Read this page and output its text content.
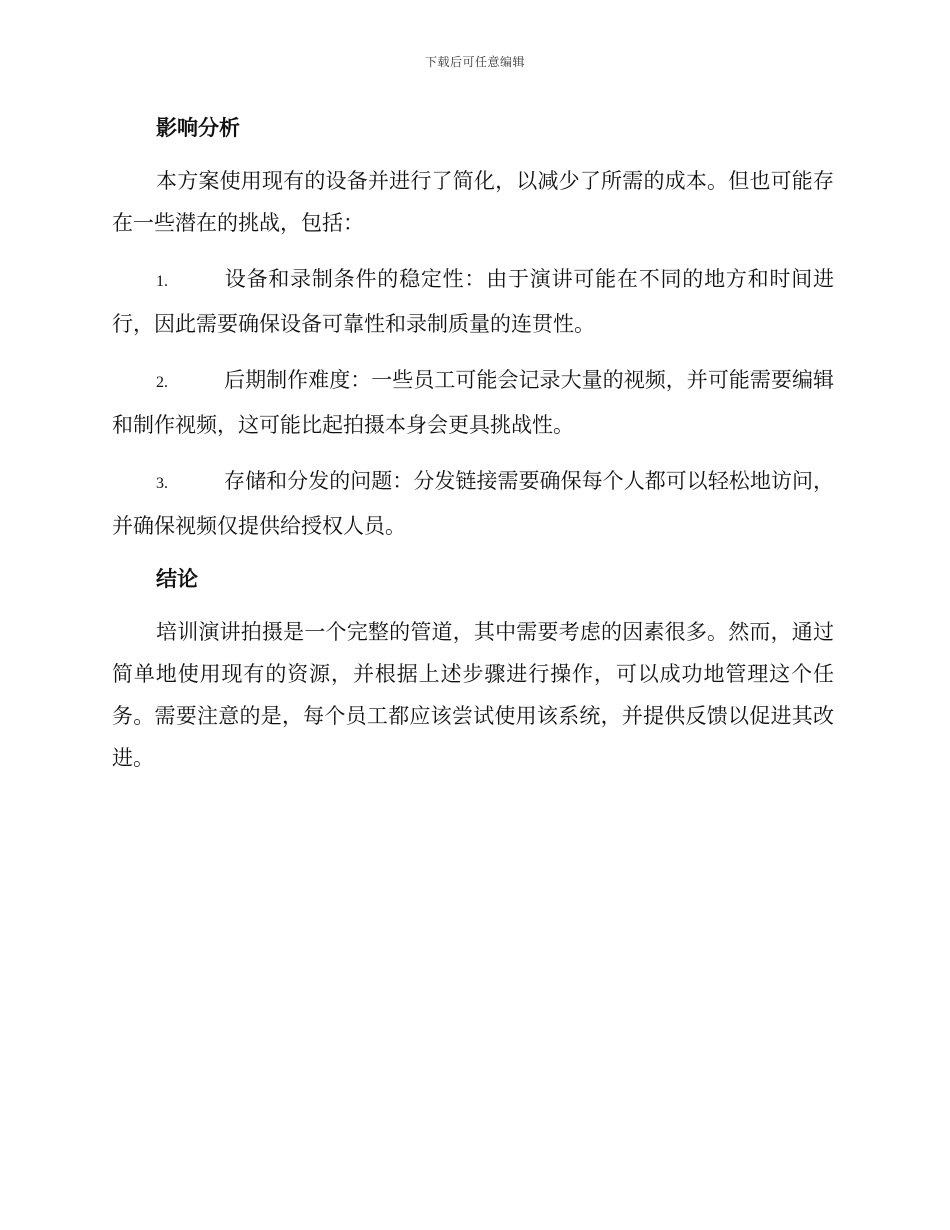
下载后可任意编辑
影响分析

本方案使用现有的设备并进行了简化，以减少了所需的成本。但也可能存在一些潜在的挑战，包括：

1.	设备和录制条件的稳定性：由于演讲可能在不同的地方和时间进行，因此需要确保设备可靠性和录制质量的连贯性。

2.	后期制作难度：一些员工可能会记录大量的视频，并可能需要编辑和制作视频，这可能比起拍摄本身会更具挑战性。

3.	存储和分发的问题：分发链接需要确保每个人都可以轻松地访问，并确保视频仅提供给授权人员。

结论

培训演讲拍摄是一个完整的管道，其中需要考虑的因素很多。然而，通过简单地使用现有的资源，并根据上述步骤进行操作，可以成功地管理这个任务。需要注意的是，每个员工都应该尝试使用该系统，并提供反馈以促进其改进。
